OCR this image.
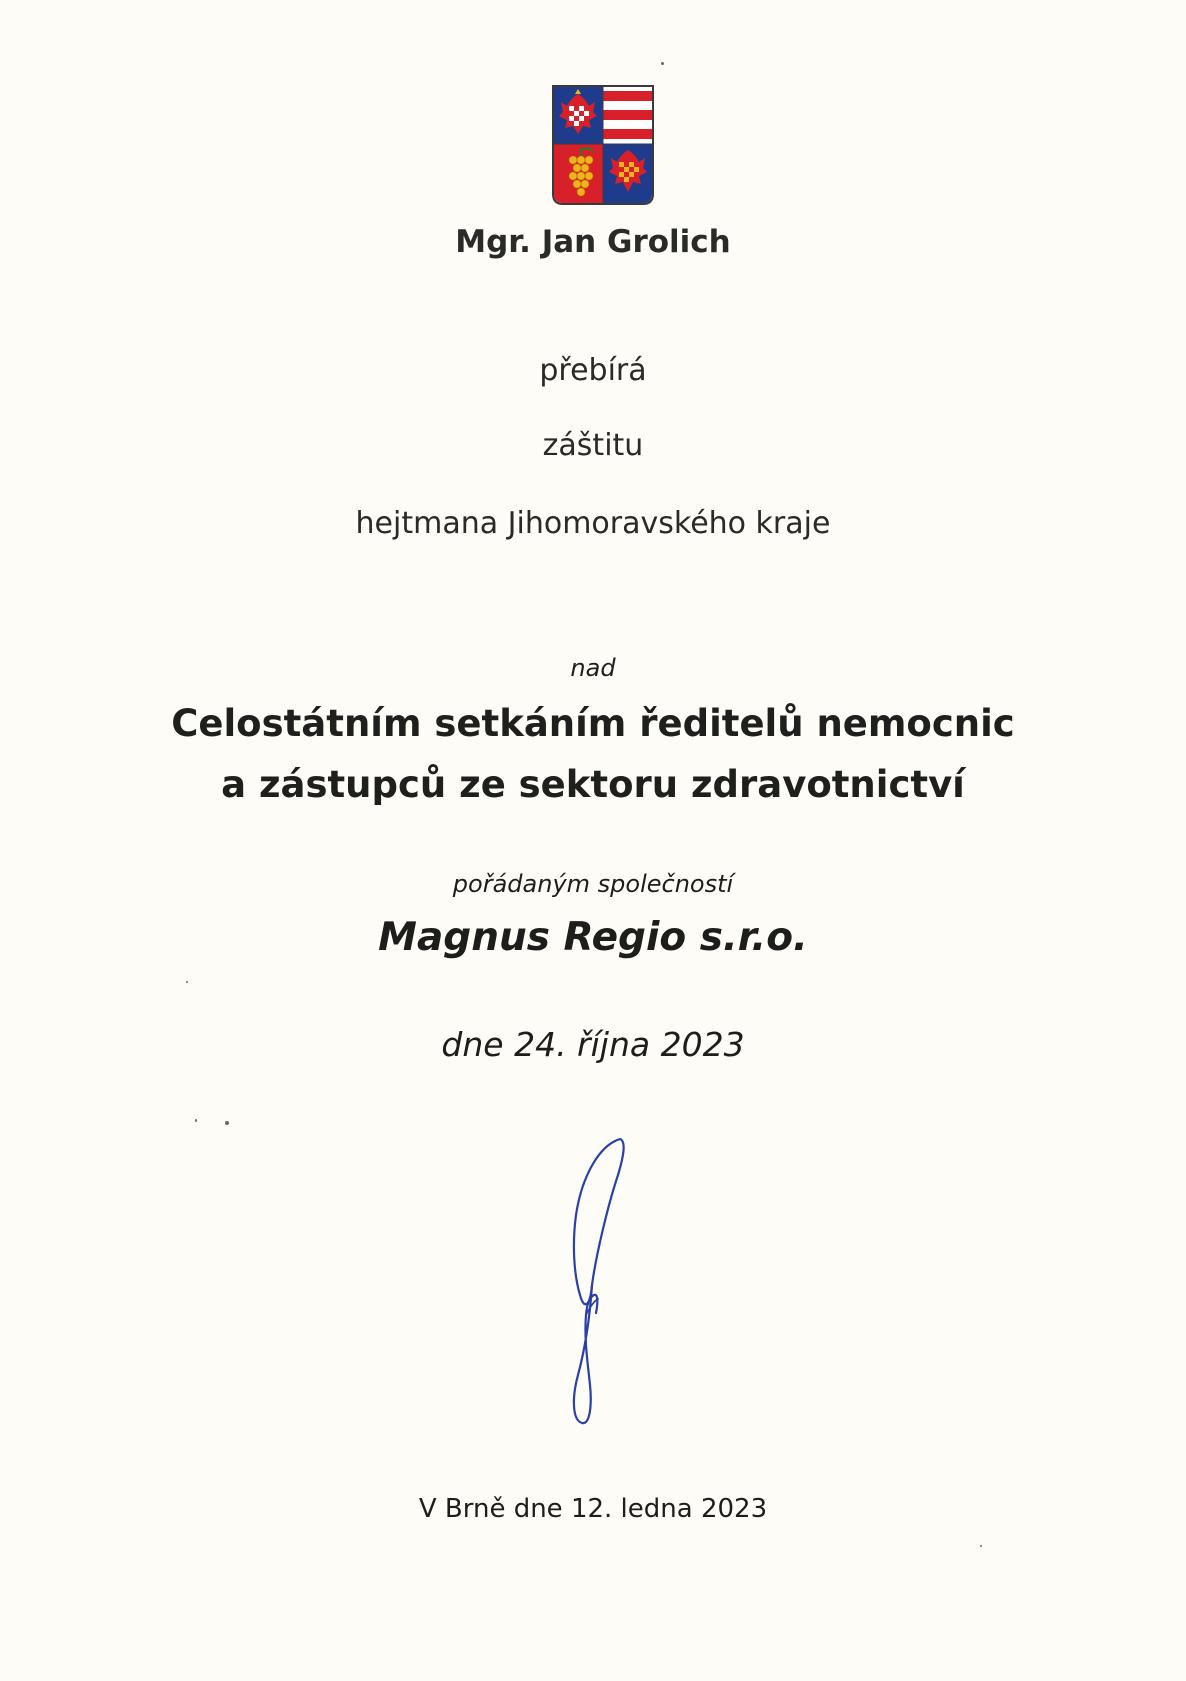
Mgr. Jan Grolich
přebírá
záštitu
hejtmana Jihomoravského kraje
nad
Celostátním setkáním ředitelů nemocnic
a zástupců ze sektoru zdravotnictví
pořádaným společností
Magnus Regio s.r.o.
dne 24. října 2023
V Brně dne 12. ledna 2023
